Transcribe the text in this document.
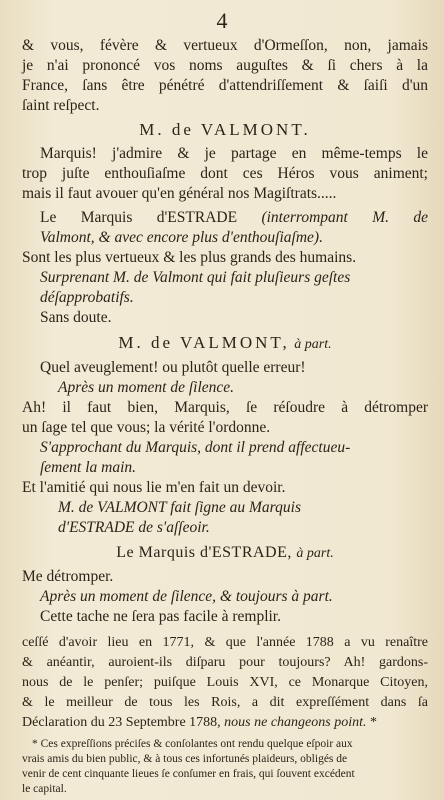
4
& vous, févère & vertueux d'Ormeſſon, non, jamais
je n'ai prononcé vos noms auguſtes & ſi chers à la
France, ſans être pénétré d'attendriſſement & ſaiſi d'un
ſaint reſpect.
M. de VALMONT.
Marquis! j'admire & je partage en même-temps le
trop juſte enthouſiaſme dont ces Héros vous animent;
mais il faut avouer qu'en général nos Magiſtrats.....
Le Marquis d'ESTRADE (interrompant M. de
Valmont, & avec encore plus d'enthouſiaſme).
Sont les plus vertueux & les plus grands des humains.
Surprenant M. de Valmont qui fait pluſieurs geſtes
déſapprobatifs.
Sans doute.
M. de VALMONT, à part.
Quel aveuglement! ou plutôt quelle erreur!
Après un moment de ſilence.
Ah! il faut bien, Marquis, ſe réſoudre à détromper
un ſage tel que vous; la vérité l'ordonne.
S'approchant du Marquis, dont il prend affectueu-
ſement la main.
Et l'amitié qui nous lie m'en fait un devoir.
M. de VALMONT fait ſigne au Marquis
d'ESTRADE de s'aſſeoir.
Le Marquis d'ESTRADE, à part.
Me détromper.
Après un moment de ſilence, & toujours à part.
Cette tache ne ſera pas facile à remplir.
ceſſé d'avoir lieu en 1771, & que l'année 1788 a vu renaître
& anéantir, auroient-ils diſparu pour toujours? Ah! gardons-
nous de le penſer; puiſque Louis XVI, ce Monarque Citoyen,
& le meilleur de tous les Rois, a dit expreſſément dans ſa
Déclaration du 23 Septembre 1788, nous ne changeons point. *
* Ces expreſſions préciſes & conſolantes ont rendu quelque eſpoir aux
vrais amis du bien public, & à tous ces infortunés plaideurs, obligés de
venir de cent cinquante lieues ſe conſumer en frais, qui ſouvent excédent
le capital.
